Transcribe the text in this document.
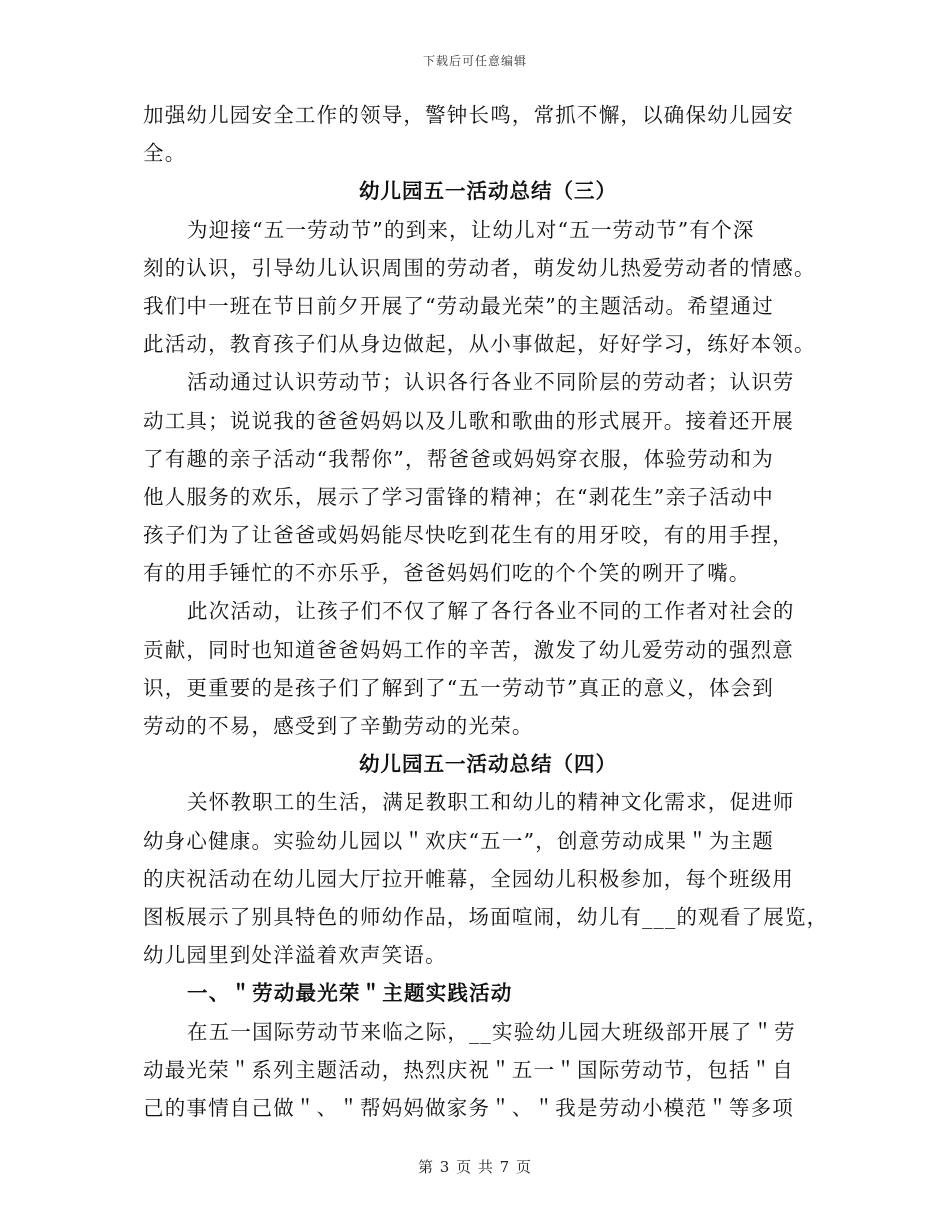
下载后可任意编辑
加强幼儿园安全工作的领导，警钟长鸣，常抓不懈，以确保幼儿园安
全。
幼儿园五一活动总结（三）
为迎接“五一劳动节”的到来，让幼儿对“五一劳动节”有个深
刻的认识，引导幼儿认识周围的劳动者，萌发幼儿热爱劳动者的情感。
我们中一班在节日前夕开展了“劳动最光荣”的主题活动。希望通过
此活动，教育孩子们从身边做起，从小事做起，好好学习，练好本领。
活动通过认识劳动节；认识各行各业不同阶层的劳动者；认识劳
动工具；说说我的爸爸妈妈以及儿歌和歌曲的形式展开。接着还开展
了有趣的亲子活动“我帮你”，帮爸爸或妈妈穿衣服，体验劳动和为
他人服务的欢乐，展示了学习雷锋的精神；在“剥花生”亲子活动中
孩子们为了让爸爸或妈妈能尽快吃到花生有的用牙咬，有的用手捏，
有的用手锤忙的不亦乐乎，爸爸妈妈们吃的个个笑的咧开了嘴。
此次活动，让孩子们不仅了解了各行各业不同的工作者对社会的
贡献，同时也知道爸爸妈妈工作的辛苦，激发了幼儿爱劳动的强烈意
识，更重要的是孩子们了解到了“五一劳动节”真正的意义，体会到
劳动的不易，感受到了辛勤劳动的光荣。
幼儿园五一活动总结（四）
关怀教职工的生活，满足教职工和幼儿的精神文化需求，促进师
幼身心健康。实验幼儿园以＂欢庆“五一”，创意劳动成果＂为主题
的庆祝活动在幼儿园大厅拉开帷幕，全园幼儿积极参加，每个班级用
图板展示了别具特色的师幼作品，场面喧闹，幼儿有___的观看了展览，
幼儿园里到处洋溢着欢声笑语。
一、＂劳动最光荣＂主题实践活动
在五一国际劳动节来临之际，__实验幼儿园大班级部开展了＂劳
动最光荣＂系列主题活动，热烈庆祝＂五一＂国际劳动节，包括＂自
己的事情自己做＂、＂帮妈妈做家务＂、＂我是劳动小模范＂等多项
第 3 页 共 7 页
